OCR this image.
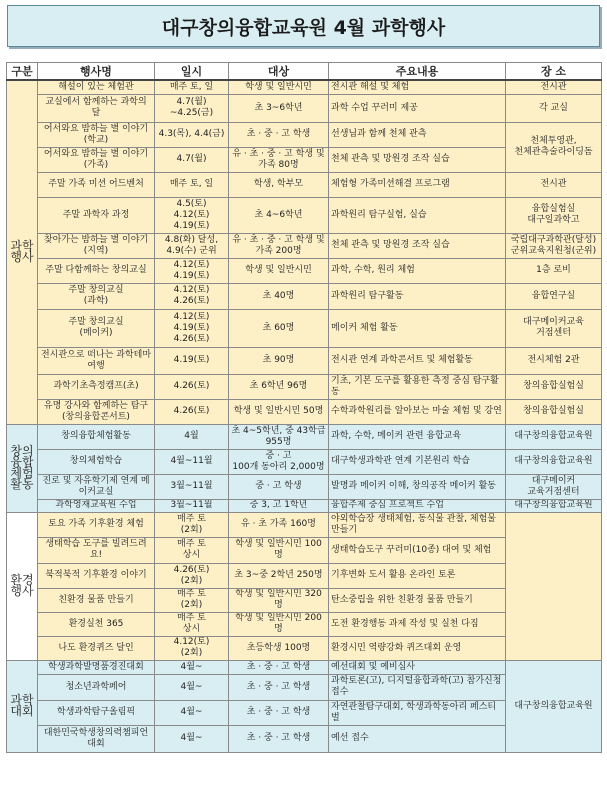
대구창의융합교육원 4월 과학행사
구분	행사명	일시	대상	주요내용	장 소
과학
행사	해설이 있는 체험관	매주 토, 일	학생 및 일반시민	전시관 해설 및 체험	전시관
	교실에서 함께하는 과학의 달	4.7(월)
~4.25(금)	초 3~6학년	과학 수업 꾸러미 제공	각 교실
	어서와요 밤하늘 별 이야기(학교)	4.3(목), 4.4(금)	초 · 중 · 고 학생	선생님과 함께 천체 관측	천체투영관,
천체관측술라이딩돔
	어서와요 밤하늘 별 이야기(가족)	4.7(월)	유 · 초 · 중 · 고 학생 및 가족 80명	천체 관측 및 망원경 조작 실습	
	주말 가족 미션 어드벤처	매주 토, 일	학생, 학부모	체험형 가족미션해결 프로그램	전시관
	주말 과학자 과정	4.5(토)
4.12(토)
4.19(토)	초 4~6학년	과학원리 탐구실험, 실습	융합실험실
대구일과학고
	찾아가는 밤하늘 별 이야기(지역)	4.8(화) 달성,
4.9(수) 군위	유 · 초 · 중 · 고 학생 및 가족 200명	천체 관측 및 망원경 조작 실습	국립대구과학관(달성)
군위교육지원청(군위)
	주말 다함께하는 창의교실	4.12(토)
4.19(토)	학생 및 일반시민	과학, 수학, 원리 체험	1층 로비
	주말 창의교실
(과학)	4.12(토)
4.26(토)	초 40명	과학원리 탐구활동	융합연구실
	주말 창의교실
(메이커)	4.12(토)
4.19(토)
4.26(토)	초 60명	메이커 체험 활동	대구메이커교육
거점센터
	전시관으로 떠나는 과학테마여행	4.19(토)	초 90명	전시관 연계 과학콘서트 및 체험활동	전시체험 2관
	과학기초측정캠프(초)	4.26(토)	초 6학년 96명	기초, 기본 도구를 활용한 측정 중심 탐구활동	창의융합실험실
	유명 강사와 함께하는 탐구(창의융합콘서트)	4.26(토)	학생 및 일반시민 50명	수학과학원리를 알아보는 마술 체험 및 강연	창의융합실험실
창의
융합
체험
활동	창의융합체험활동	4월	초 4~5학년, 중 43학급 955명	과학, 수학, 메이커 관련 융합교육	대구창의융합교육원
	창의체험학습	4월~11월	중 · 고
100개 동아리 2,000명	대구학생과학관 연계 기본원리 학습	대구창의융합교육원
	진로 및 자유학기제 연계 메이커교실	3월~11월	중 · 고 학생	발명과 메이커 이해, 창의공작 메이커 활동	대구메이커
교육거점센터
	과학영재교육원 수업	3월~11월	중 3, 고 1학년	융합주제 중심 프로젝트 수업	대구창의융합교육원
환경
행사	토요 가족 기후환경 체험	매주 토
(2회)	유 · 초 가족 160명	야외학습장 생태체험, 동식물 관찰, 체험물 만들기	
	생태학습 도구를 빌려드려요!	매주 토
상시	학생 및 일반시민 100명	생태학습도구 꾸러미(10종) 대여 및 체험	
	북적북적 기후환경 이야기	4.26(토)
(2회)	초 3~중 2학년 250명	기후변화 도서 활용 온라인 토론	
	친환경 물품 만들기	매주 토
(2회)	학생 및 일반시민 320명	탄소중립을 위한 친환경 물품 만들기	
	환경실천 365	매주 토
상시	학생 및 일반시민 200명	도전 환경행동 과제 작성 및 실천 다짐	
	나도 환경퀴즈 달인	4.12(토)
(2회)	초등학생 100명	환경시민 역량강화 퀴즈대회 운영	
과학
대회	학생과학발명품경진대회	4월~	초 · 중 · 고 학생	예선대회 및 예비심사	대구창의융합교육원
	청소년과학페어	4월~	초 · 중 · 고 학생	과학토론(고), 디지털융합과학(고) 참가신청 접수	
	학생과학탐구올림픽	4월~	초 · 중 · 고 학생	자연관찰탐구대회, 학생과학동아리 페스티벌	
	대한민국학생창의력챔피언대회	4월~	초 · 중 · 고 학생	예선 접수	
